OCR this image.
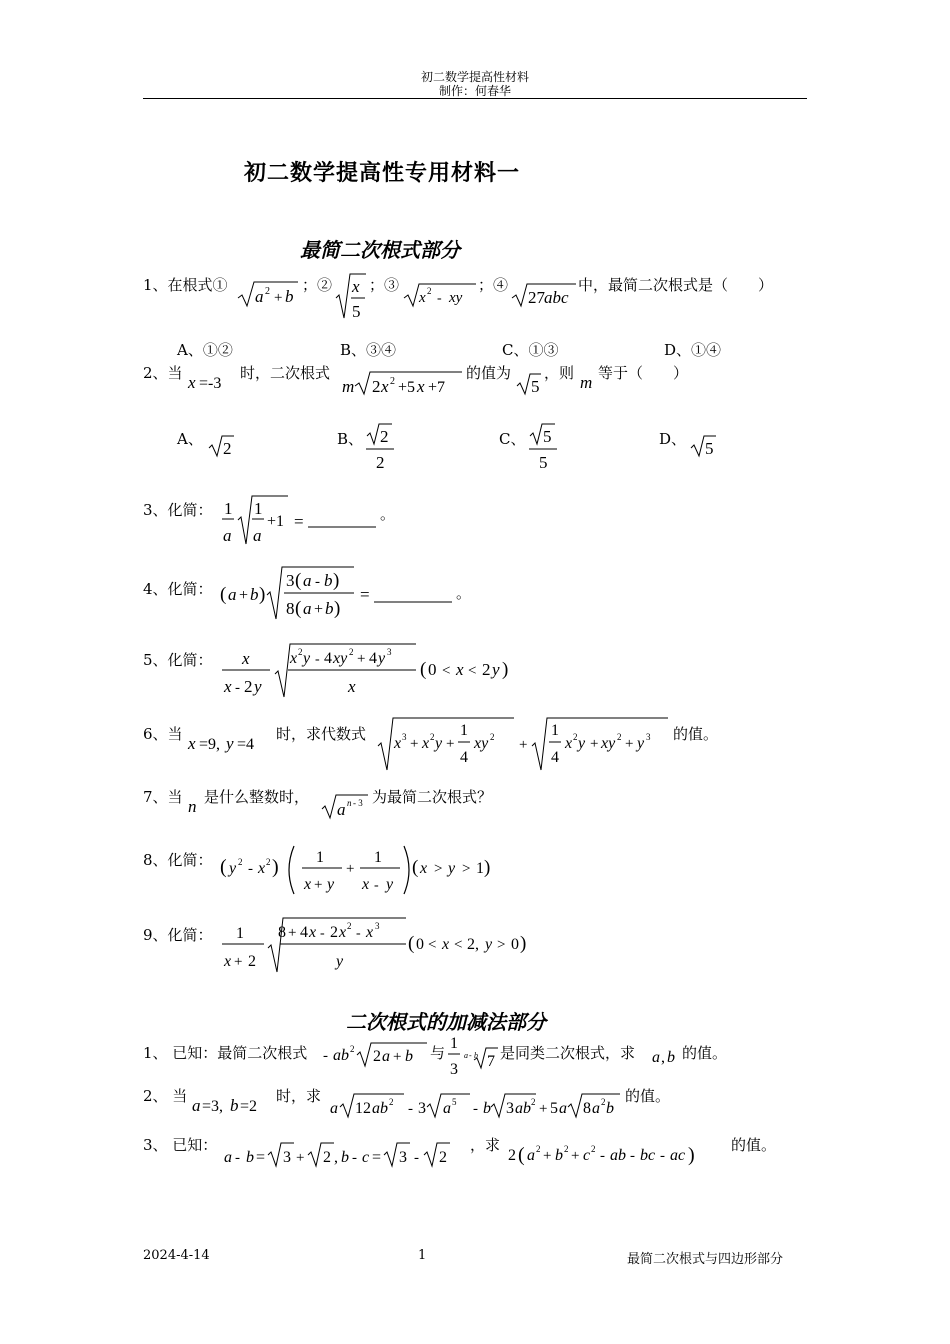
初二数学提高性材料
制作：何春华
初二数学提高性专用材料一
最简二次根式部分
1、在根式①
a 2 + b
；② x
5
；③
x 2 - xy
；④
27 abc
中，最简二次根式是（　　）
A、①②	B、③④	C、①③	D、①④
2、当 x =-3
时，二次根式
m 2 x 2 +5 x +7
的值为
5
，则 m 等于（　　）
A、 2	B、 2
2
C、 5
5
D、 5
3、化简： 1
a
1
a
+1 =	。
4、化简： ( a + b )
3 ( a - b )
8 ( a + b )
=	。
5、化简： x
x - 2 y
x 2 y - 4 xy 2 + 4 y 3
x
( 0 < x < 2 y )
6、当 x =9, y =4
时，求代数式
x 3 + x 2 y +
1
4
xy 2 +
1
4
x 2 y + xy 2 + y 3 的值。
7、当 n 是什么整数时，
a n - 3 为最简二次根式？
8、化简： ( y 2 - x 2 ) 1
x + y
+
1
x - y
( x > y > 1 )
9、化简： 1
x + 2
8 + 4 x - 2 x 2 - x 3
y
( 0 < x < 2, y > 0 )
二次根式的加减法部分
1、 已知：最简二次根式 - ab 2 2 a + b 与
1
3
a - b 7 是同类二次根式，求 a , b 的值。
2、 当 a =3, b =2
时，求
a 12 ab 2 - 3 a 5 - b 3 ab 2 + 5 a 8 a 2 b
的值。
3、 已知：
a - b = 3 + 2 , b - c = 3 - 2
，求
2 ( a 2 + b 2 + c 2 - ab - bc - ac ) 的值。
2024-4-14	1	最简二次根式与四边形部分
